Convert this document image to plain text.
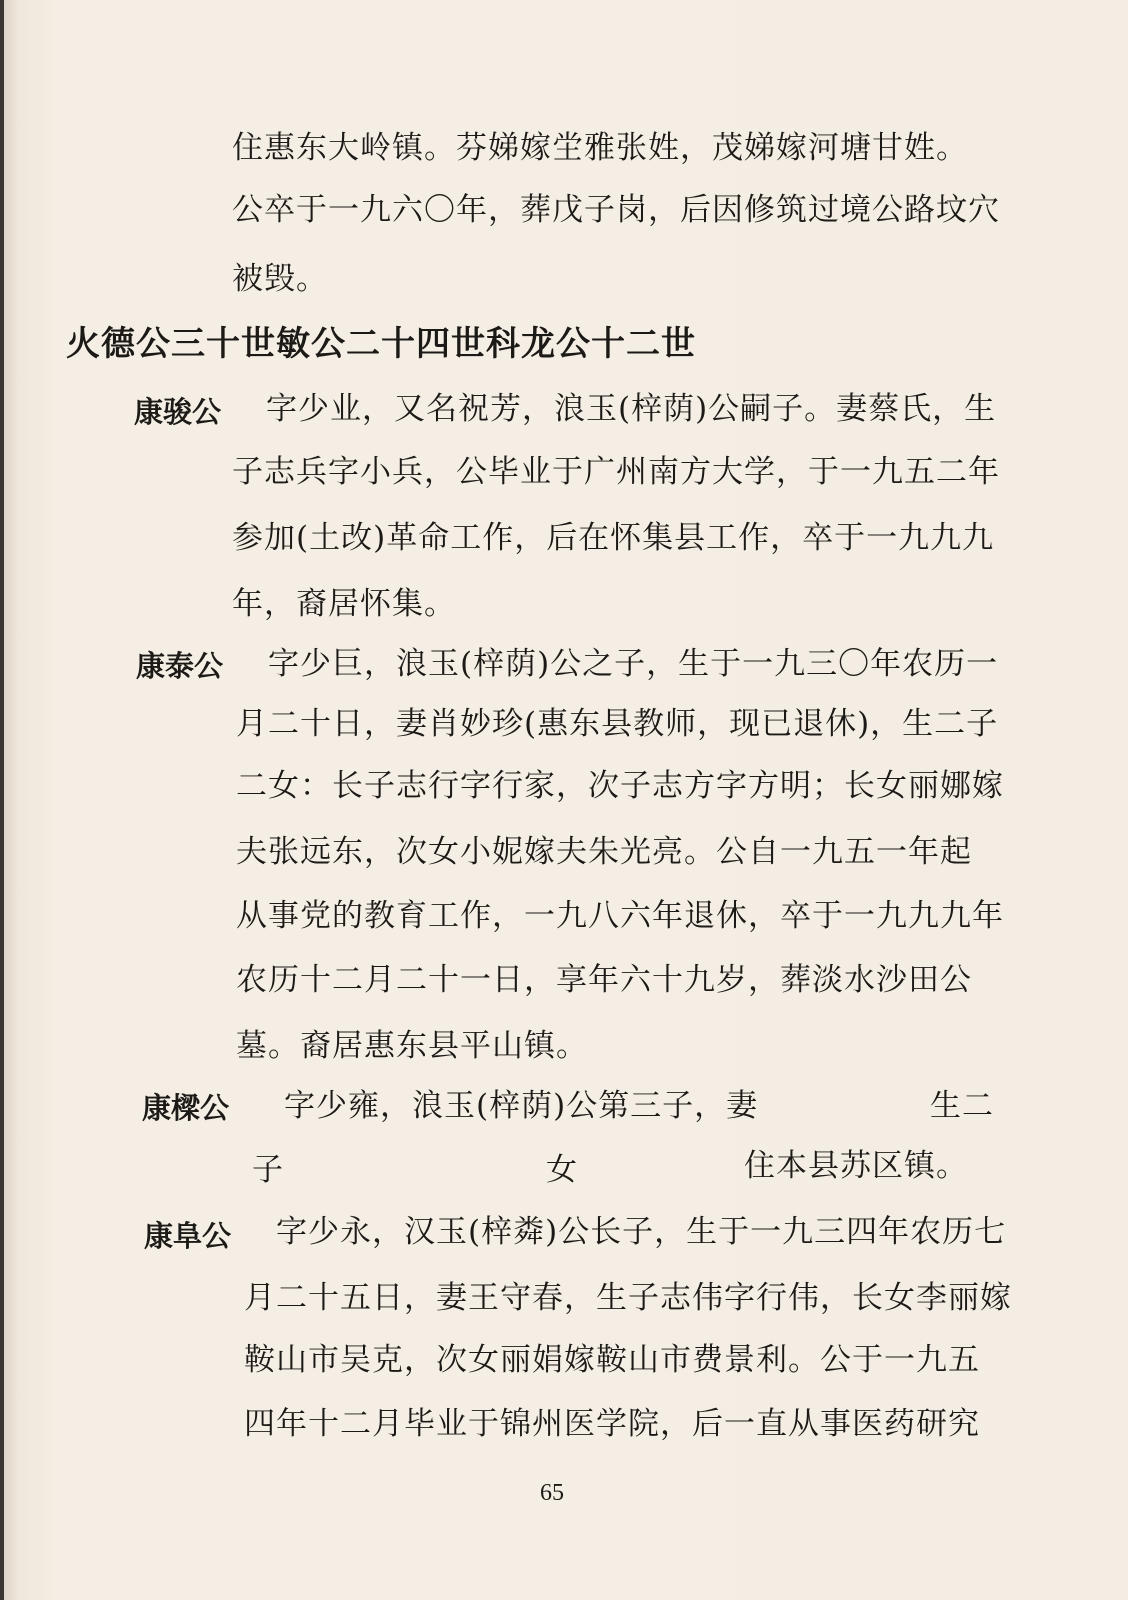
住惠东大岭镇。芬娣嫁坣雅张姓，茂娣嫁河塘甘姓。
公卒于一九六〇年，葬戊子岗，后因修筑过境公路坟穴
被毁。
火德公三十世敏公二十四世科龙公十二世
康骏公 字少业，又名祝芳，浪玉(梓荫)公嗣子。妻蔡氏，生
子志兵字小兵，公毕业于广州南方大学，于一九五二年
参加(土改)革命工作，后在怀集县工作，卒于一九九九
年，裔居怀集。
康泰公 字少巨，浪玉(梓荫)公之子，生于一九三〇年农历一
月二十日，妻肖妙珍(惠东县教师，现已退休)，生二子
二女：长子志行字行家，次子志方字方明；长女丽娜嫁
夫张远东，次女小妮嫁夫朱光亮。公自一九五一年起
从事党的教育工作，一九八六年退休，卒于一九九九年
农历十二月二十一日，享年六十九岁，葬淡水沙田公
墓。裔居惠东县平山镇。
康樑公 字少雍，浪玉(梓荫)公第三子，妻	生二
子	女	住本县苏区镇。
康阜公 字少永，汉玉(梓粦)公长子，生于一九三四年农历七
月二十五日，妻王守春，生子志伟字行伟，长女李丽嫁
鞍山市吴克，次女丽娟嫁鞍山市费景利。公于一九五
四年十二月毕业于锦州医学院，后一直从事医药研究
65
